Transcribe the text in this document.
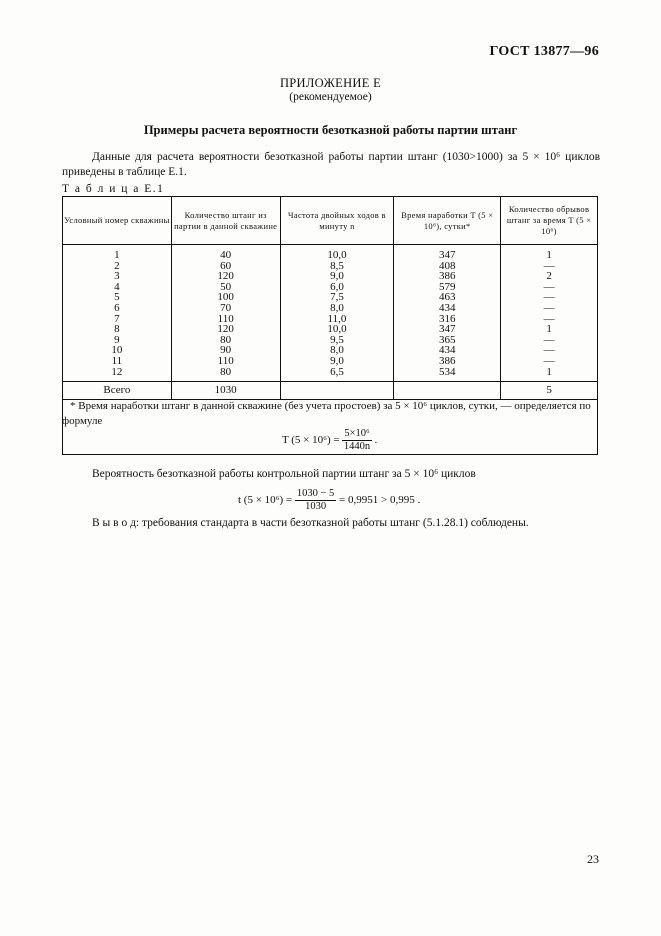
ГОСТ 13877—96
ПРИЛОЖЕНИЕ Е
(рекомендуемое)
Примеры расчета вероятности безотказной работы партии штанг
Данные для расчета вероятности безотказной работы партии штанг (1030>1000) за 5 × 10⁶ циклов приведены в таблице Е.1.
Т а б л и ц а Е.1
Условный номер скважины	Количество штанг из партии в данной скважине	Частота двойных ходов в минуту n	Время наработки T (5 × 10⁶), сутки*	Количество обрывов штанг за время T (5 × 10⁶)
1	40	10,0	347	1
2	60	8,5	408	—
3	120	9,0	386	2
4	50	6,0	579	—
5	100	7,5	463	—
6	70	8,0	434	—
7	110	11,0	316	—
8	120	10,0	347	1
9	80	9,5	365	—
10	90	8,0	434	—
11	110	9,0	386	—
12	80	6,5	534	1

Всего	1030			5
* Время наработки штанг в данной скважине (без учета простоев) за 5 × 10⁶ циклов, сутки, — определяется по формуле
T $(5 \times 10^6) = \frac{\text{5×10⁶}}{1440n}$ .
Вероятность безотказной работы контрольной партии штанг за 5 × 10⁶ циклов
t $(5 \times 10^6) = \frac{1030 - 5}{1030} = 0,9951 > 0,995$ .
В ы в о д: требования стандарта в части безотказной работы штанг (5.1.28.1) соблюдены.
23
